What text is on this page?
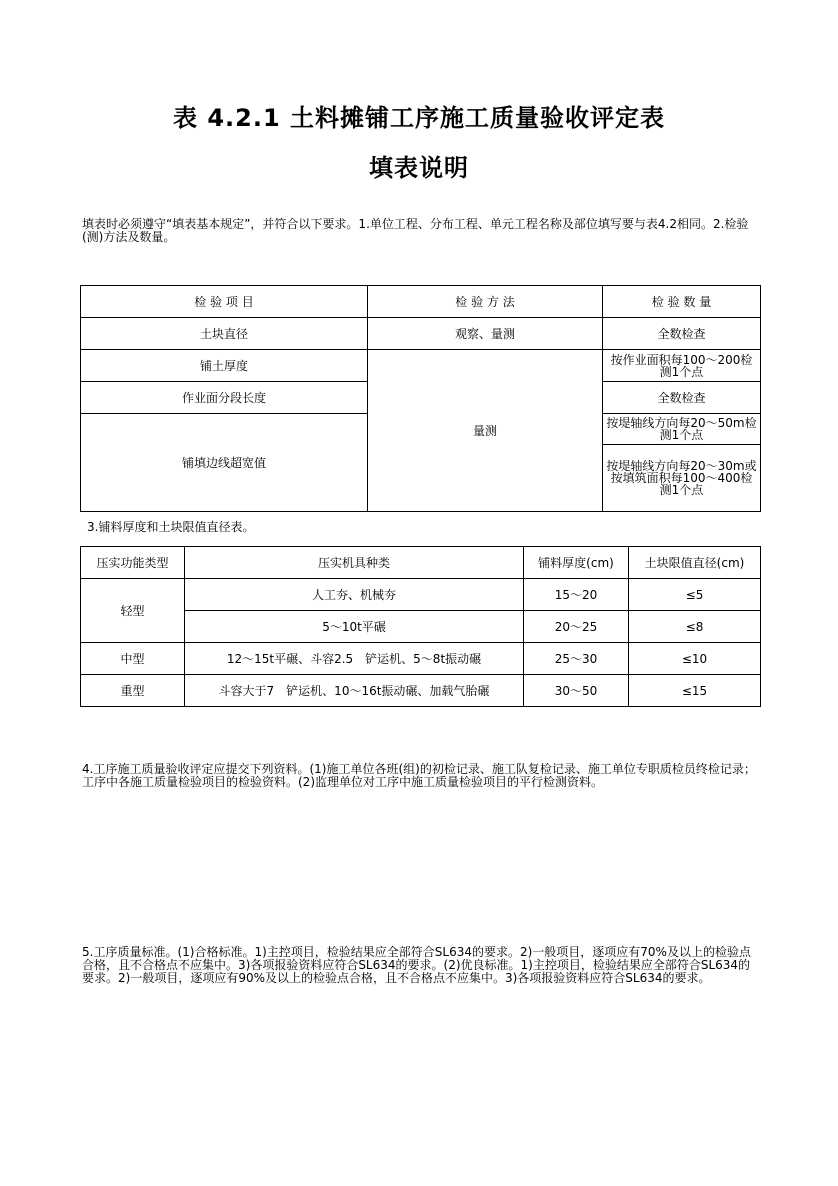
表 4.2.1 土料摊铺工序施工质量验收评定表
填表说明
填表时必须遵守“填表基本规定”，并符合以下要求。1.单位工程、分布工程、单元工程名称及部位填写要与表4.2相同。2.检验(测)方法及数量。
检 验 项 目	检 验 方 法	检 验 数 量
土块直径	观察、量测	全数检查
铺土厚度	量测	按作业面积每100～200检测1个点
作业面分段长度		全数检查
铺填边线超宽值		按堤轴线方向每20～50m检测1个点
		按堤轴线方向每20～30m或按填筑面积每100～400检测1个点
3.铺料厚度和土块限值直径表。
压实功能类型	压实机具种类	铺料厚度(cm)	土块限值直径(cm)
轻型	人工夯、机械夯	15～20	≤5
	5～10t平碾	20～25	≤8
中型	12～15t平碾、斗容2.5　铲运机、5～8t振动碾	25～30	≤10
重型	斗容大于7　铲运机、10～16t振动碾、加载气胎碾	30～50	≤15
4.工序施工质量验收评定应提交下列资料。(1)施工单位各班(组)的初检记录、施工队复检记录、施工单位专职质检员终检记录；工序中各施工质量检验项目的检验资料。(2)监理单位对工序中施工质量检验项目的平行检测资料。
5.工序质量标准。(1)合格标准。1)主控项目，检验结果应全部符合SL634的要求。2)一般项目，逐项应有70%及以上的检验点合格，且不合格点不应集中。3)各项报验资料应符合SL634的要求。(2)优良标准。1)主控项目，检验结果应全部符合SL634的要求。2)一般项目，逐项应有90%及以上的检验点合格，且不合格点不应集中。3)各项报验资料应符合SL634的要求。
